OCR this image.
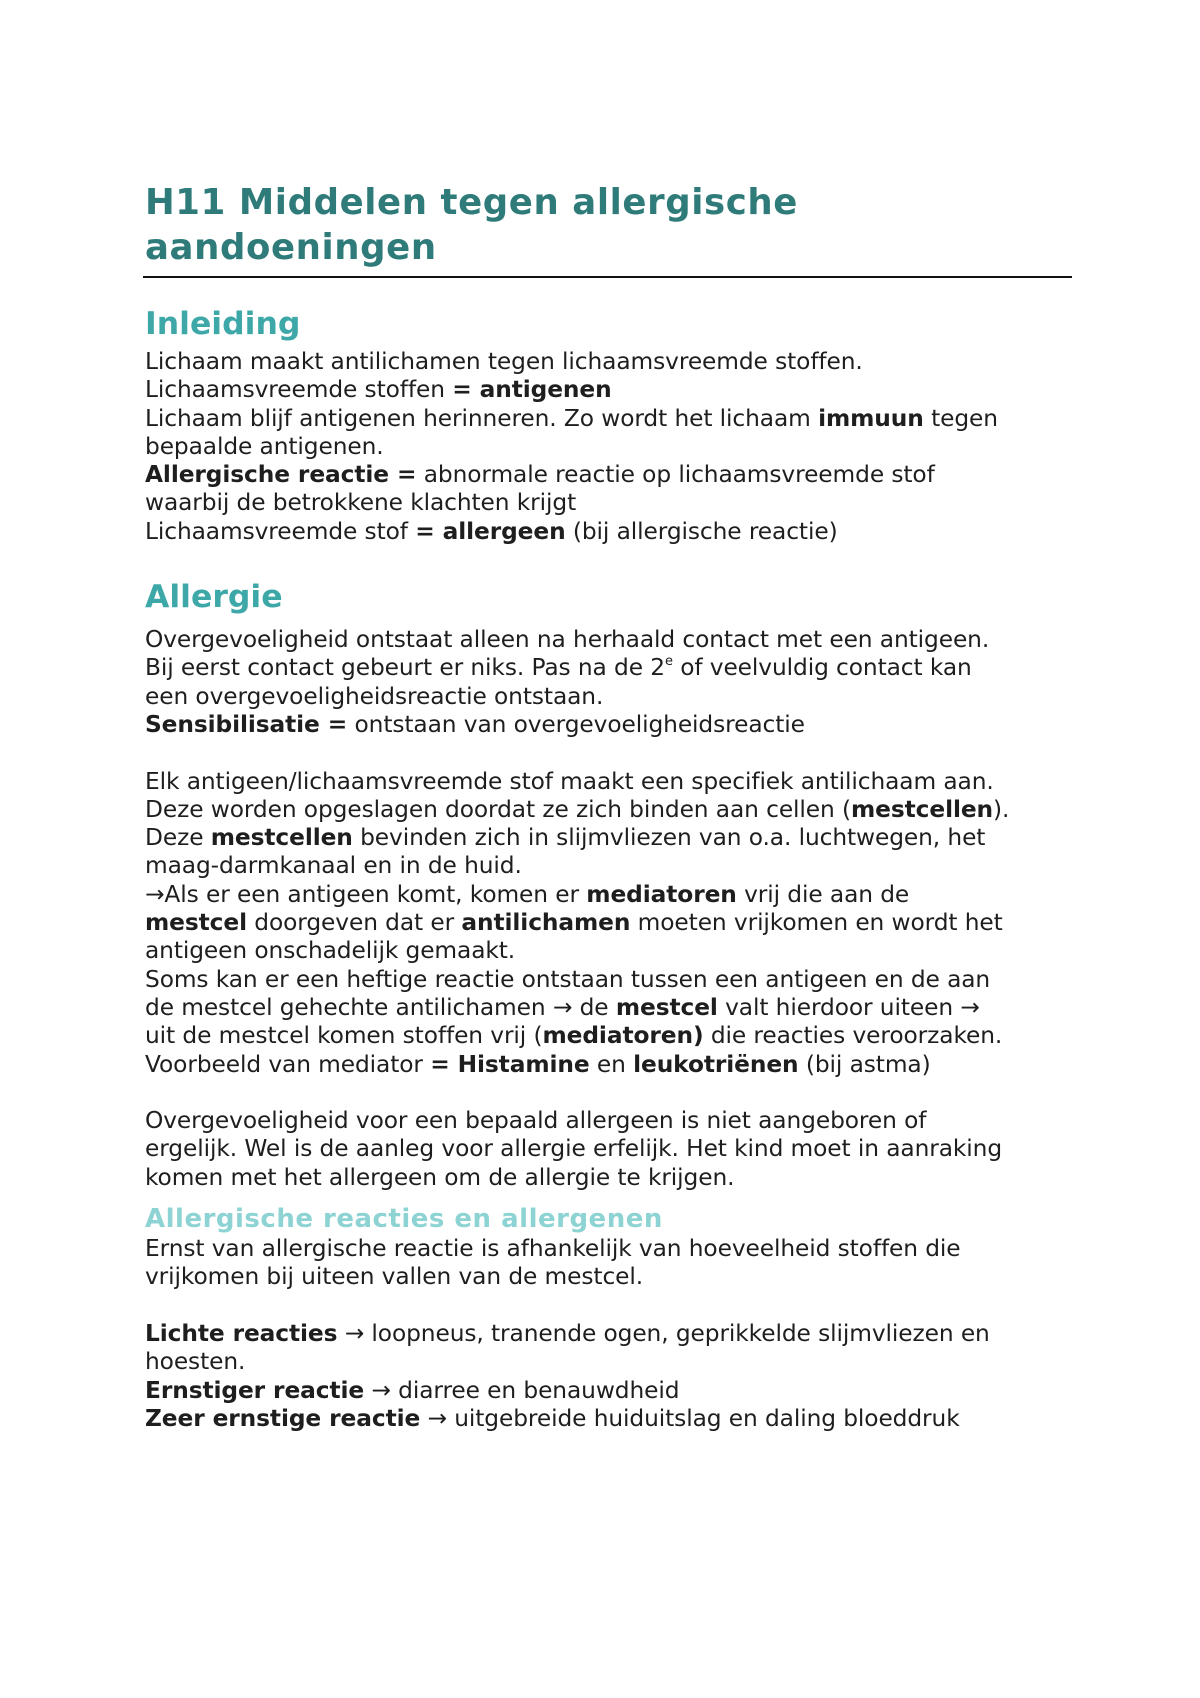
H11 Middelen tegen allergische
aandoeningen
Inleiding

Lichaam maakt antilichamen tegen lichaamsvreemde stoffen.

Lichaamsvreemde stoffen = antigenen

Lichaam blijf antigenen herinneren. Zo wordt het lichaam immuun tegen

bepaalde antigenen.

Allergische reactie = abnormale reactie op lichaamsvreemde stof

waarbij de betrokkene klachten krijgt

Lichaamsvreemde stof = allergeen (bij allergische reactie)

Allergie

Overgevoeligheid ontstaat alleen na herhaald contact met een antigeen.

Bij eerst contact gebeurt er niks. Pas na de 2e of veelvuldig contact kan

een overgevoeligheidsreactie ontstaan.

Sensibilisatie = ontstaan van overgevoeligheidsreactie

Elk antigeen/lichaamsvreemde stof maakt een specifiek antilichaam aan.

Deze worden opgeslagen doordat ze zich binden aan cellen (mestcellen).

Deze mestcellen bevinden zich in slijmvliezen van o.a. luchtwegen, het

maag-darmkanaal en in de huid.

→Als er een antigeen komt, komen er mediatoren vrij die aan de

mestcel doorgeven dat er antilichamen moeten vrijkomen en wordt het

antigeen onschadelijk gemaakt.

Soms kan er een heftige reactie ontstaan tussen een antigeen en de aan

de mestcel gehechte antilichamen → de mestcel valt hierdoor uiteen →

uit de mestcel komen stoffen vrij (mediatoren) die reacties veroorzaken.

Voorbeeld van mediator = Histamine en leukotriënen (bij astma)

Overgevoeligheid voor een bepaald allergeen is niet aangeboren of

ergelijk. Wel is de aanleg voor allergie erfelijk. Het kind moet in aanraking

komen met het allergeen om de allergie te krijgen.

Allergische reacties en allergenen

Ernst van allergische reactie is afhankelijk van hoeveelheid stoffen die

vrijkomen bij uiteen vallen van de mestcel.

Lichte reacties → loopneus, tranende ogen, geprikkelde slijmvliezen en

hoesten.

Ernstiger reactie → diarree en benauwdheid

Zeer ernstige reactie → uitgebreide huiduitslag en daling bloeddruk
